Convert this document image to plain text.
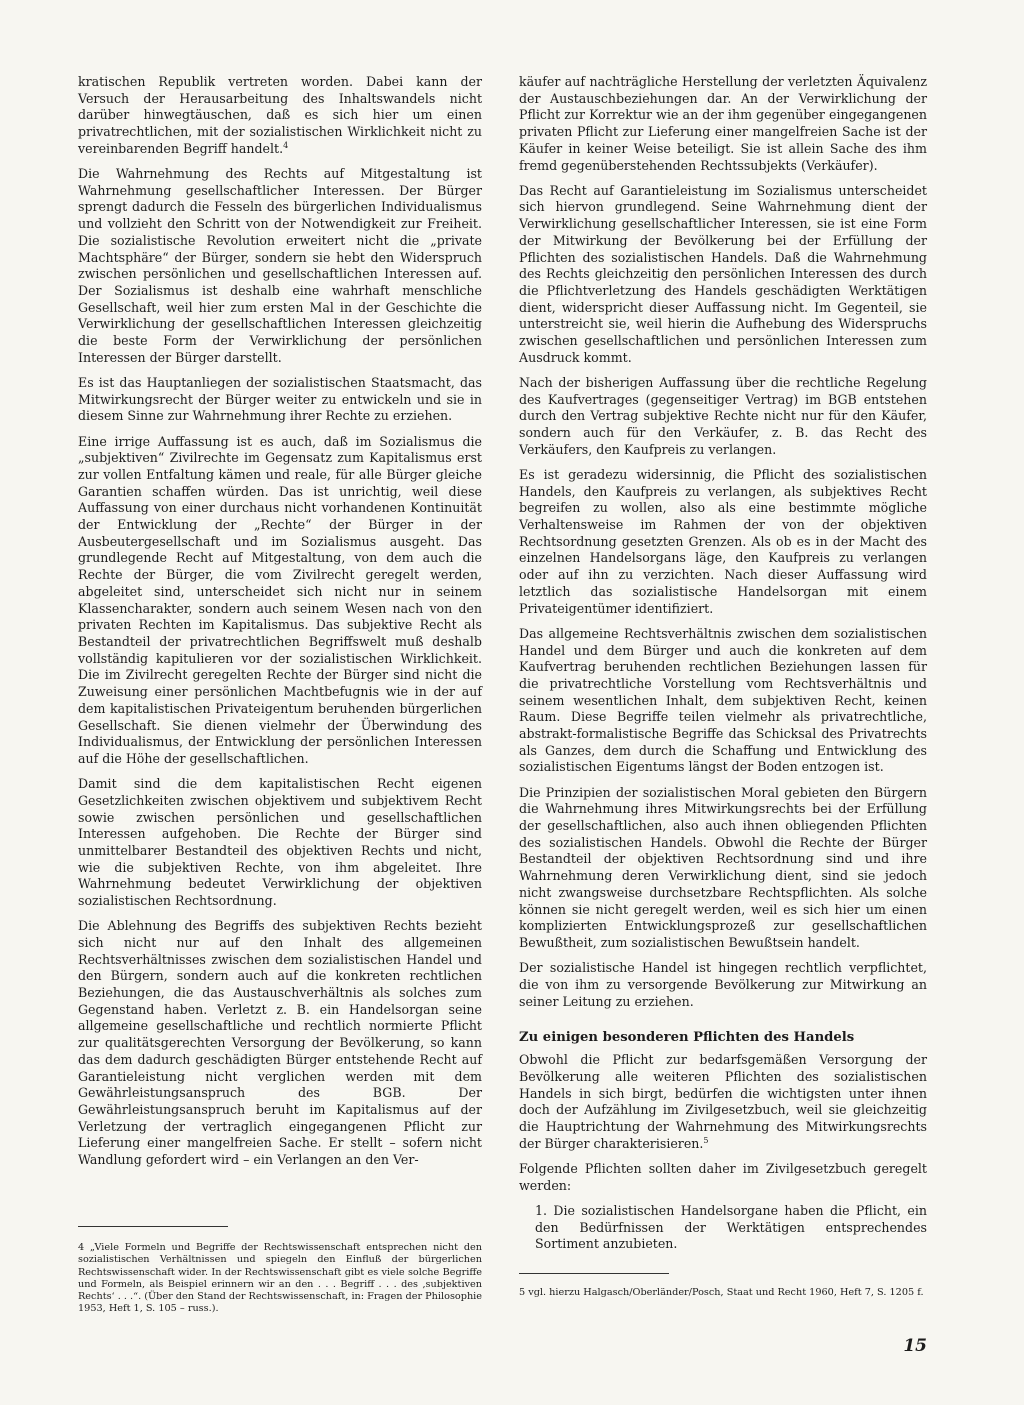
kratischen Republik vertreten worden. Dabei kann der Versuch der Herausarbeitung des Inhaltswandels nicht darüber hinwegtäuschen, daß es sich hier um einen privatrechtlichen, mit der sozialistischen Wirklichkeit nicht zu vereinbarenden Begriff handelt.$^4$

Die Wahrnehmung des Rechts auf Mitgestaltung ist Wahrnehmung gesellschaftlicher Interessen. Der Bürger sprengt dadurch die Fesseln des bürgerlichen Individualismus und vollzieht den Schritt von der Notwendigkeit zur Freiheit. Die sozialistische Revolution erweitert nicht die „private Machtsphäre“ der Bürger, sondern sie hebt den Widerspruch zwischen persönlichen und gesellschaftlichen Interessen auf. Der Sozialismus ist deshalb eine wahrhaft menschliche Gesellschaft, weil hier zum ersten Mal in der Geschichte die Verwirklichung der gesellschaftlichen Interessen gleichzeitig die beste Form der Verwirklichung der persönlichen Interessen der Bürger darstellt.

Es ist das Hauptanliegen der sozialistischen Staatsmacht, das Mitwirkungsrecht der Bürger weiter zu entwickeln und sie in diesem Sinne zur Wahrnehmung ihrer Rechte zu erziehen.

Eine irrige Auffassung ist es auch, daß im Sozialismus die „subjektiven“ Zivilrechte im Gegensatz zum Kapitalismus erst zur vollen Entfaltung kämen und reale, für alle Bürger gleiche Garantien schaffen würden. Das ist unrichtig, weil diese Auffassung von einer durchaus nicht vorhandenen Kontinuität der Entwicklung der „Rechte“ der Bürger in der Ausbeutergesellschaft und im Sozialismus ausgeht. Das grundlegende Recht auf Mitgestaltung, von dem auch die Rechte der Bürger, die vom Zivilrecht geregelt werden, abgeleitet sind, unterscheidet sich nicht nur in seinem Klassencharakter, sondern auch seinem Wesen nach von den privaten Rechten im Kapitalismus. Das subjektive Recht als Bestandteil der privatrechtlichen Begriffswelt muß deshalb vollständig kapitulieren vor der sozialistischen Wirklichkeit. Die im Zivilrecht geregelten Rechte der Bürger sind nicht die Zuweisung einer persönlichen Machtbefugnis wie in der auf dem kapitalistischen Privateigentum beruhenden bürgerlichen Gesellschaft. Sie dienen vielmehr der Überwindung des Individualismus, der Entwicklung der persönlichen Interessen auf die Höhe der gesellschaftlichen.

Damit sind die dem kapitalistischen Recht eigenen Gesetzlichkeiten zwischen objektivem und subjektivem Recht sowie zwischen persönlichen und gesellschaftlichen Interessen aufgehoben. Die Rechte der Bürger sind unmittelbarer Bestandteil des objektiven Rechts und nicht, wie die subjektiven Rechte, von ihm abgeleitet. Ihre Wahrnehmung bedeutet Verwirklichung der objektiven sozialistischen Rechtsordnung.

Die Ablehnung des Begriffs des subjektiven Rechts bezieht sich nicht nur auf den Inhalt des allgemeinen Rechtsverhältnisses zwischen dem sozialistischen Handel und den Bürgern, sondern auch auf die konkreten rechtlichen Beziehungen, die das Austauschverhältnis als solches zum Gegenstand haben. Verletzt z. B. ein Handelsorgan seine allgemeine gesellschaftliche und rechtlich normierte Pflicht zur qualitätsgerechten Versorgung der Bevölkerung, so kann das dem dadurch geschädigten Bürger entstehende Recht auf Garantieleistung nicht verglichen werden mit dem Gewährleistungsanspruch des BGB. Der Gewährleistungsanspruch beruht im Kapitalismus auf der Verletzung der vertraglich eingegangenen Pflicht zur Lieferung einer mangelfreien Sache. Er stellt – sofern nicht Wandlung gefordert wird – ein Verlangen an den Ver-

käufer auf nachträgliche Herstellung der verletzten Äquivalenz der Austauschbeziehungen dar. An der Verwirklichung der Pflicht zur Korrektur wie an der ihm gegenüber eingegangenen privaten Pflicht zur Lieferung einer mangelfreien Sache ist der Käufer in keiner Weise beteiligt. Sie ist allein Sache des ihm fremd gegenüberstehenden Rechtssubjekts (Verkäufer).

Das Recht auf Garantieleistung im Sozialismus unterscheidet sich hiervon grundlegend. Seine Wahrnehmung dient der Verwirklichung gesellschaftlicher Interessen, sie ist eine Form der Mitwirkung der Bevölkerung bei der Erfüllung der Pflichten des sozialistischen Handels. Daß die Wahrnehmung des Rechts gleichzeitig den persönlichen Interessen des durch die Pflichtverletzung des Handels geschädigten Werktätigen dient, widerspricht dieser Auffassung nicht. Im Gegenteil, sie unterstreicht sie, weil hierin die Aufhebung des Widerspruchs zwischen gesellschaftlichen und persönlichen Interessen zum Ausdruck kommt.

Nach der bisherigen Auffassung über die rechtliche Regelung des Kaufvertrages (gegenseitiger Vertrag) im BGB entstehen durch den Vertrag subjektive Rechte nicht nur für den Käufer, sondern auch für den Verkäufer, z. B. das Recht des Verkäufers, den Kaufpreis zu verlangen.

Es ist geradezu widersinnig, die Pflicht des sozialistischen Handels, den Kaufpreis zu verlangen, als subjektives Recht begreifen zu wollen, also als eine bestimmte mögliche Verhaltensweise im Rahmen der von der objektiven Rechtsordnung gesetzten Grenzen. Als ob es in der Macht des einzelnen Handelsorgans läge, den Kaufpreis zu verlangen oder auf ihn zu verzichten. Nach dieser Auffassung wird letztlich das sozialistische Handelsorgan mit einem Privateigentümer identifiziert.

Das allgemeine Rechtsverhältnis zwischen dem sozialistischen Handel und dem Bürger und auch die konkreten auf dem Kaufvertrag beruhenden rechtlichen Beziehungen lassen für die privatrechtliche Vorstellung vom Rechtsverhältnis und seinem wesentlichen Inhalt, dem subjektiven Recht, keinen Raum. Diese Begriffe teilen vielmehr als privatrechtliche, abstrakt-formalistische Begriffe das Schicksal des Privatrechts als Ganzes, dem durch die Schaffung und Entwicklung des sozialistischen Eigentums längst der Boden entzogen ist.

Die Prinzipien der sozialistischen Moral gebieten den Bürgern die Wahrnehmung ihres Mitwirkungsrechts bei der Erfüllung der gesellschaftlichen, also auch ihnen obliegenden Pflichten des sozialistischen Handels. Obwohl die Rechte der Bürger Bestandteil der objektiven Rechtsordnung sind und ihre Wahrnehmung deren Verwirklichung dient, sind sie jedoch nicht zwangsweise durchsetzbare Rechtspflichten. Als solche können sie nicht geregelt werden, weil es sich hier um einen komplizierten Entwicklungsprozeß zur gesellschaftlichen Bewußtheit, zum sozialistischen Bewußtsein handelt.

Der sozialistische Handel ist hingegen rechtlich verpflichtet, die von ihm zu versorgende Bevölkerung zur Mitwirkung an seiner Leitung zu erziehen.

Zu einigen besonderen Pflichten des Handels

Obwohl die Pflicht zur bedarfsgemäßen Versorgung der Bevölkerung alle weiteren Pflichten des sozialistischen Handels in sich birgt, bedürfen die wichtigsten unter ihnen doch der Aufzählung im Zivilgesetzbuch, weil sie gleichzeitig die Hauptrichtung der Wahrnehmung des Mitwirkungsrechts der Bürger charakterisieren.$^5$

Folgende Pflichten sollten daher im Zivilgesetzbuch geregelt werden:

1. Die sozialistischen Handelsorgane haben die Pflicht, ein den Bedürfnissen der Werktätigen entsprechendes Sortiment anzubieten.
4 „Viele Formeln und Begriffe der Rechtswissenschaft entsprechen nicht den sozialistischen Verhältnissen und spiegeln den Einfluß der bürgerlichen Rechtswissenschaft wider. In der Rechtswissenschaft gibt es viele solche Begriffe und Formeln, als Beispiel erinnern wir an den . . . Begriff . . . des ,subjektiven Rechts‘ . . .“. (Über den Stand der Rechtswissenschaft, in: Fragen der Philosophie 1953, Heft 1, S. 105 – russ.).
5 vgl. hierzu Halgasch/Oberländer/Posch, Staat und Recht 1960, Heft 7, S. 1205 f.
15
